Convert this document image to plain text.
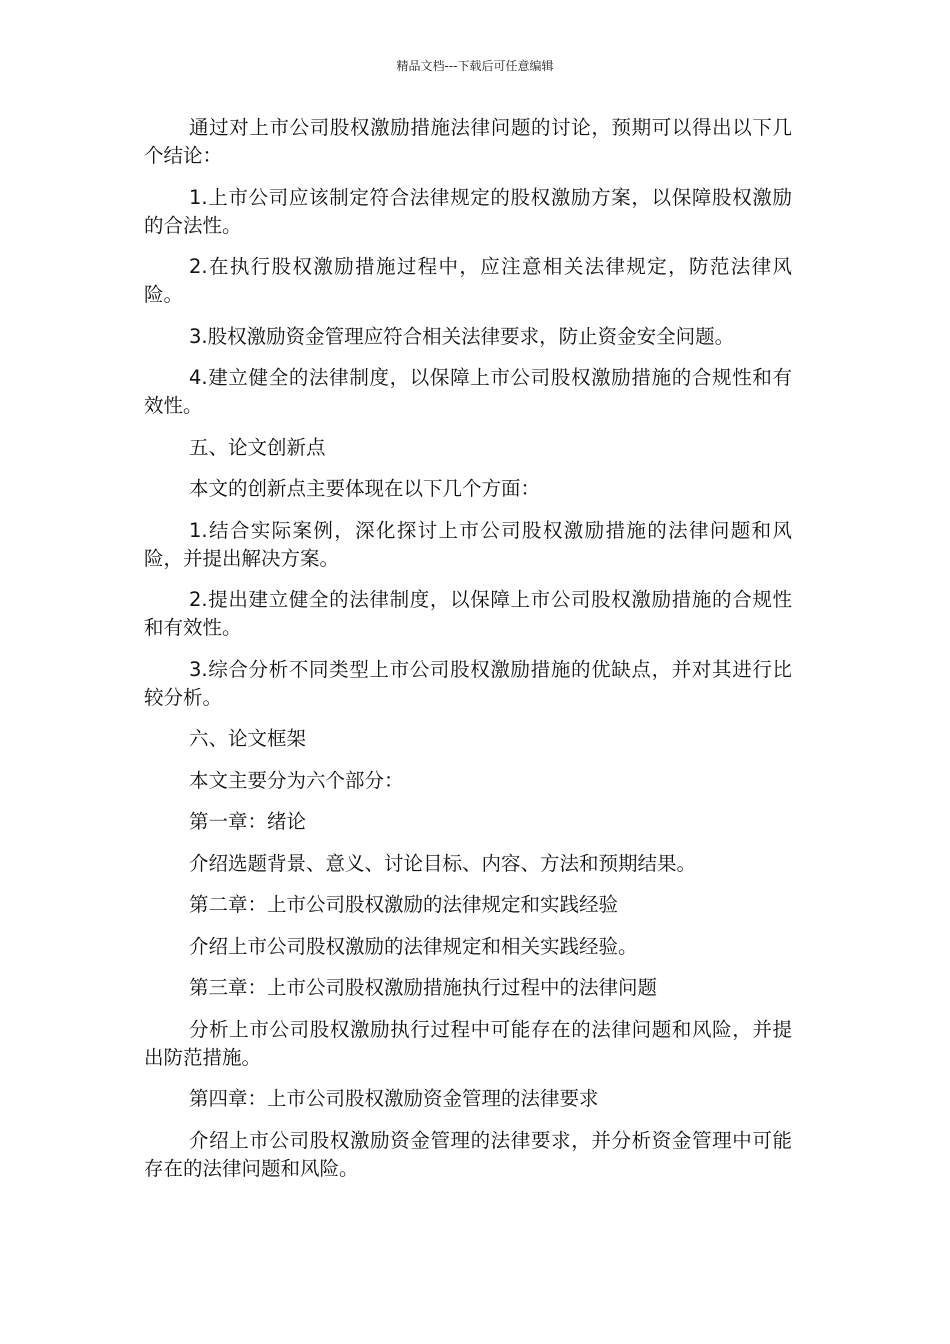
精品文档---下载后可任意编辑

通过对上市公司股权激励措施法律问题的讨论，预期可以得出以下几个结论：

1.上市公司应该制定符合法律规定的股权激励方案，以保障股权激励的合法性。

2.在执行股权激励措施过程中，应注意相关法律规定，防范法律风险。

3.股权激励资金管理应符合相关法律要求，防止资金安全问题。

4.建立健全的法律制度，以保障上市公司股权激励措施的合规性和有效性。

五、论文创新点

本文的创新点主要体现在以下几个方面：

1.结合实际案例，深化探讨上市公司股权激励措施的法律问题和风险，并提出解决方案。

2.提出建立健全的法律制度，以保障上市公司股权激励措施的合规性和有效性。

3.综合分析不同类型上市公司股权激励措施的优缺点，并对其进行比较分析。

六、论文框架

本文主要分为六个部分：

第一章：绪论

介绍选题背景、意义、讨论目标、内容、方法和预期结果。

第二章：上市公司股权激励的法律规定和实践经验

介绍上市公司股权激励的法律规定和相关实践经验。

第三章：上市公司股权激励措施执行过程中的法律问题

分析上市公司股权激励执行过程中可能存在的法律问题和风险，并提出防范措施。

第四章：上市公司股权激励资金管理的法律要求

介绍上市公司股权激励资金管理的法律要求，并分析资金管理中可能存在的法律问题和风险。
